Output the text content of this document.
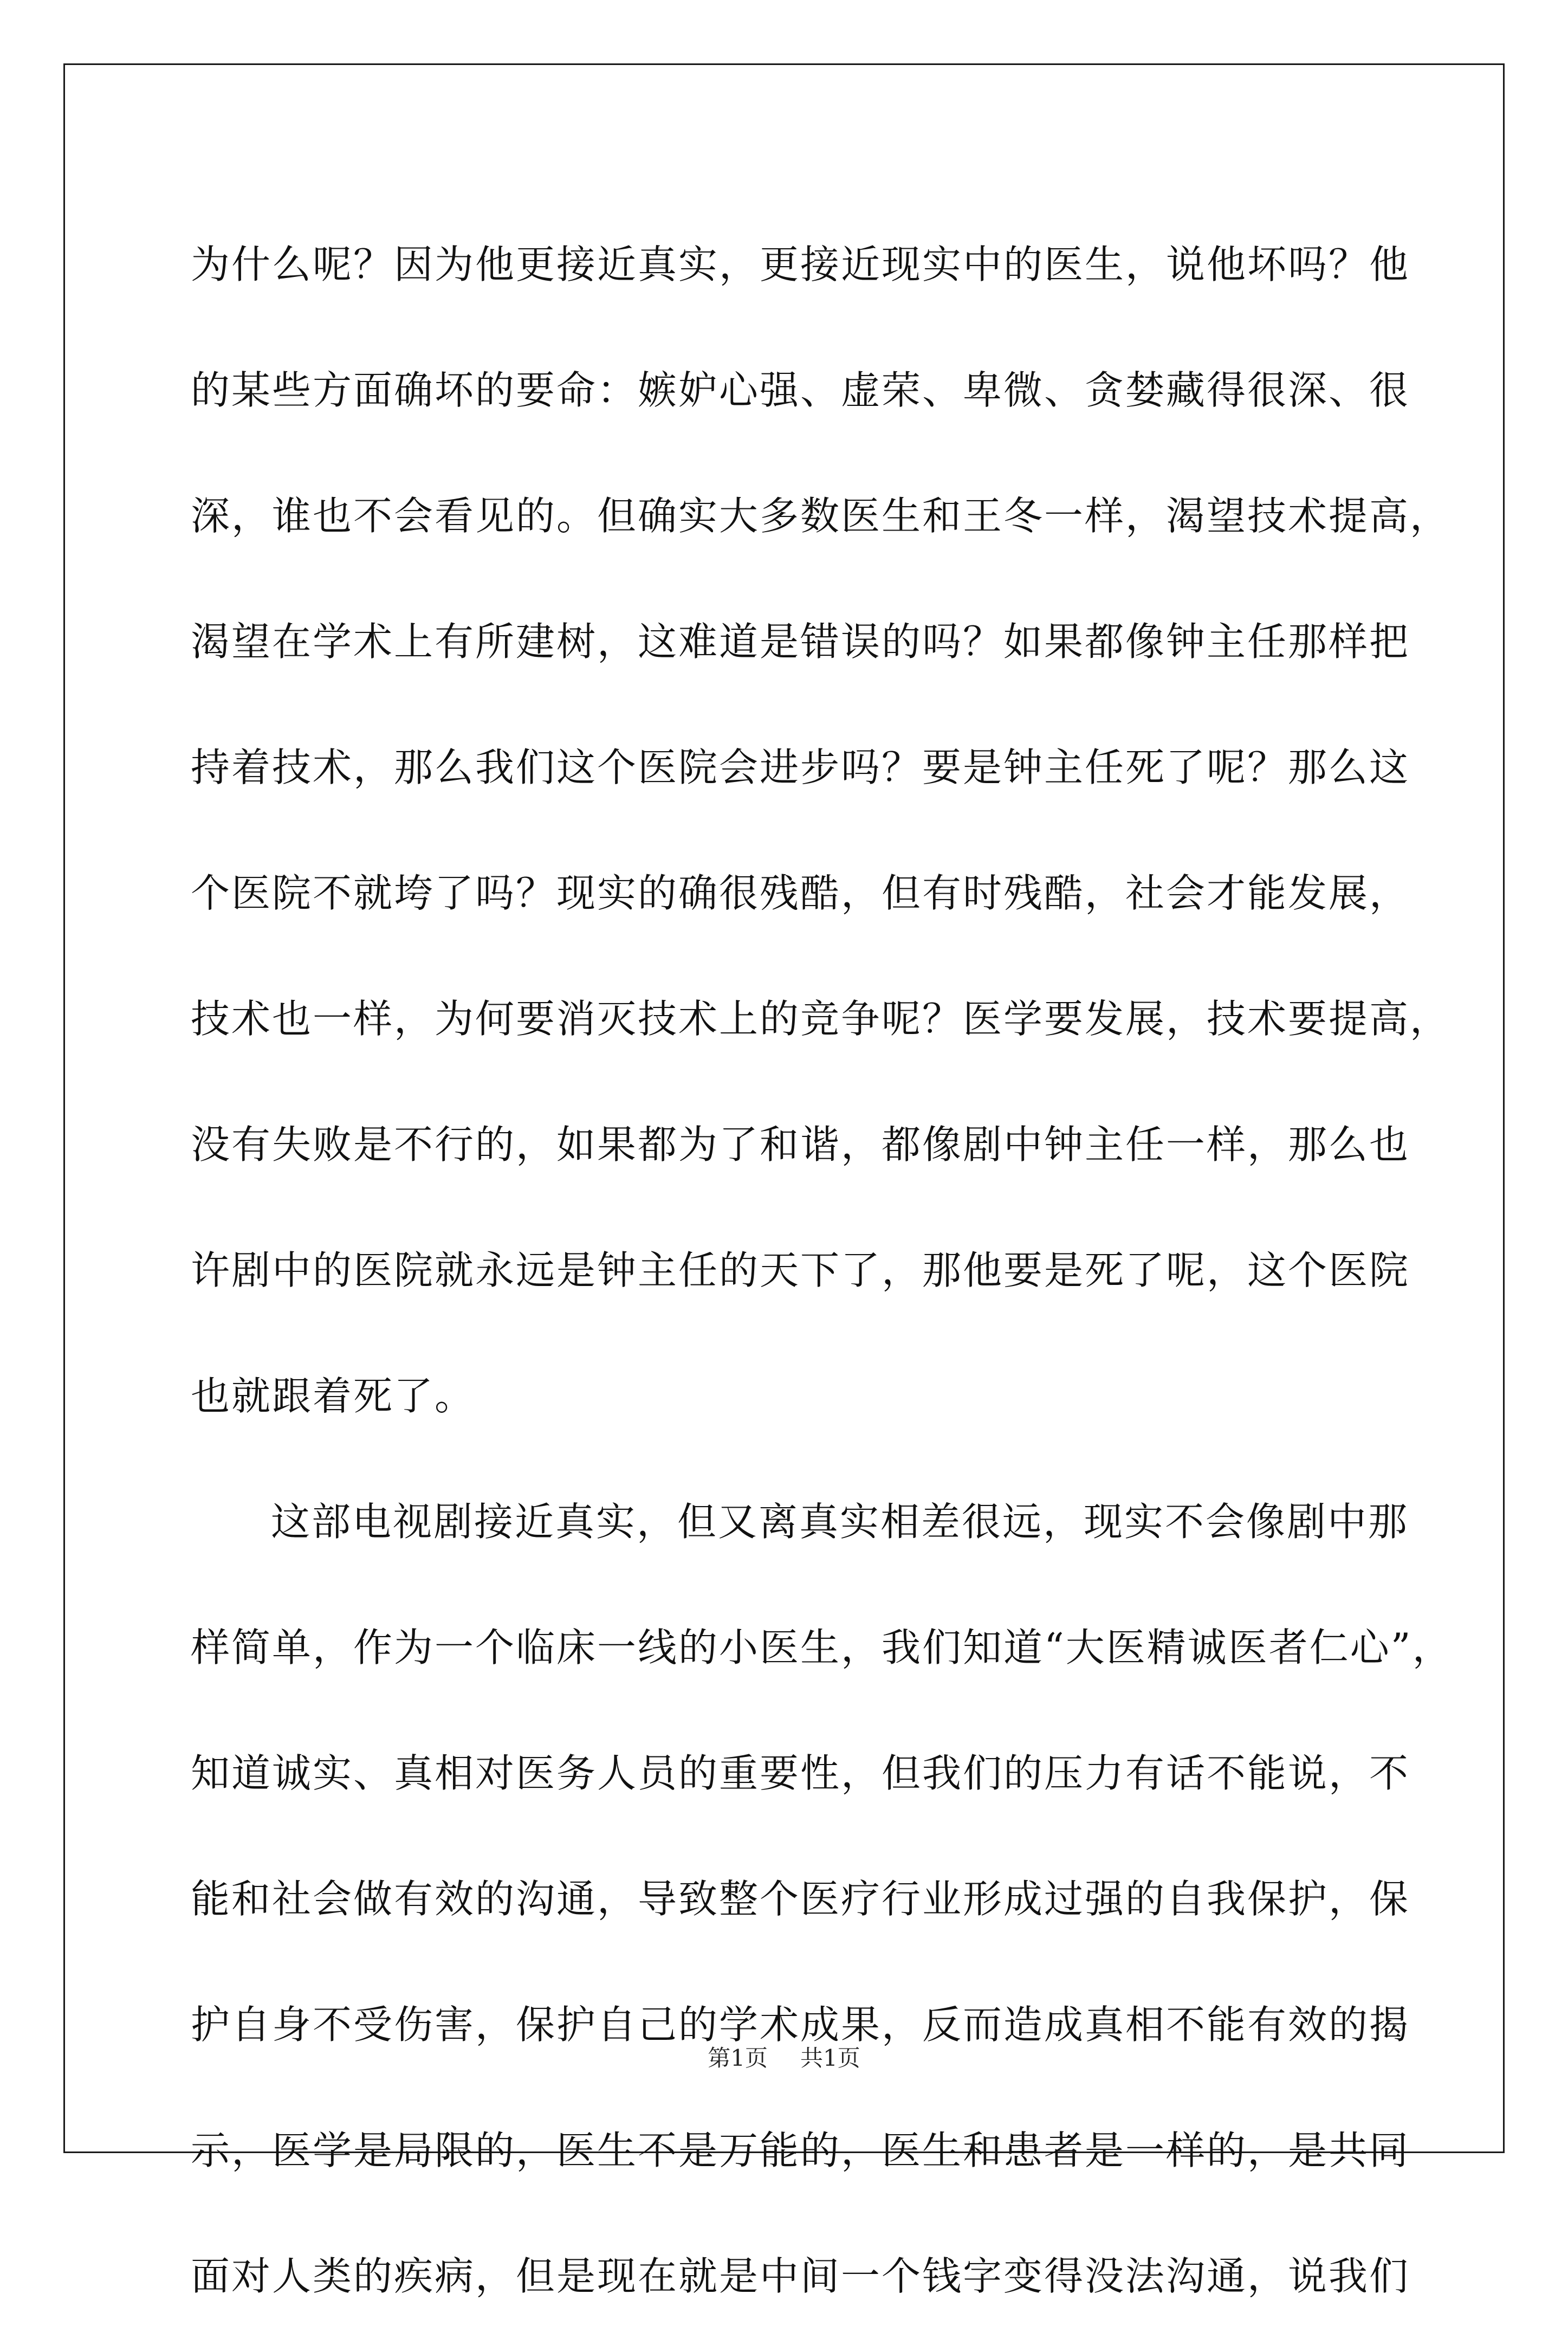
为什么呢？因为他更接近真实，更接近现实中的医生，说他坏吗？他
的某些方面确坏的要命：嫉妒心强、虚荣、卑微、贪婪藏得很深、很
深，谁也不会看见的。但确实大多数医生和王冬一样，渴望技术提高，
渴望在学术上有所建树，这难道是错误的吗？如果都像钟主任那样把
持着技术，那么我们这个医院会进步吗？要是钟主任死了呢？那么这
个医院不就垮了吗？现实的确很残酷，但有时残酷，社会才能发展，
技术也一样，为何要消灭技术上的竞争呢？医学要发展，技术要提高，
没有失败是不行的，如果都为了和谐，都像剧中钟主任一样，那么也
许剧中的医院就永远是钟主任的天下了，那他要是死了呢，这个医院
也就跟着死了。
这部电视剧接近真实，但又离真实相差很远，现实不会像剧中那
样简单，作为一个临床一线的小医生，我们知道“大医精诚医者仁心”，
知道诚实、真相对医务人员的重要性，但我们的压力有话不能说，不
能和社会做有效的沟通，导致整个医疗行业形成过强的自我保护，保
护自身不受伤害，保护自己的学术成果，反而造成真相不能有效的揭
示，医学是局限的，医生不是万能的，医生和患者是一样的，是共同
面对人类的疾病，但是现在就是中间一个钱字变得没法沟通，说我们
第1页 共1页
